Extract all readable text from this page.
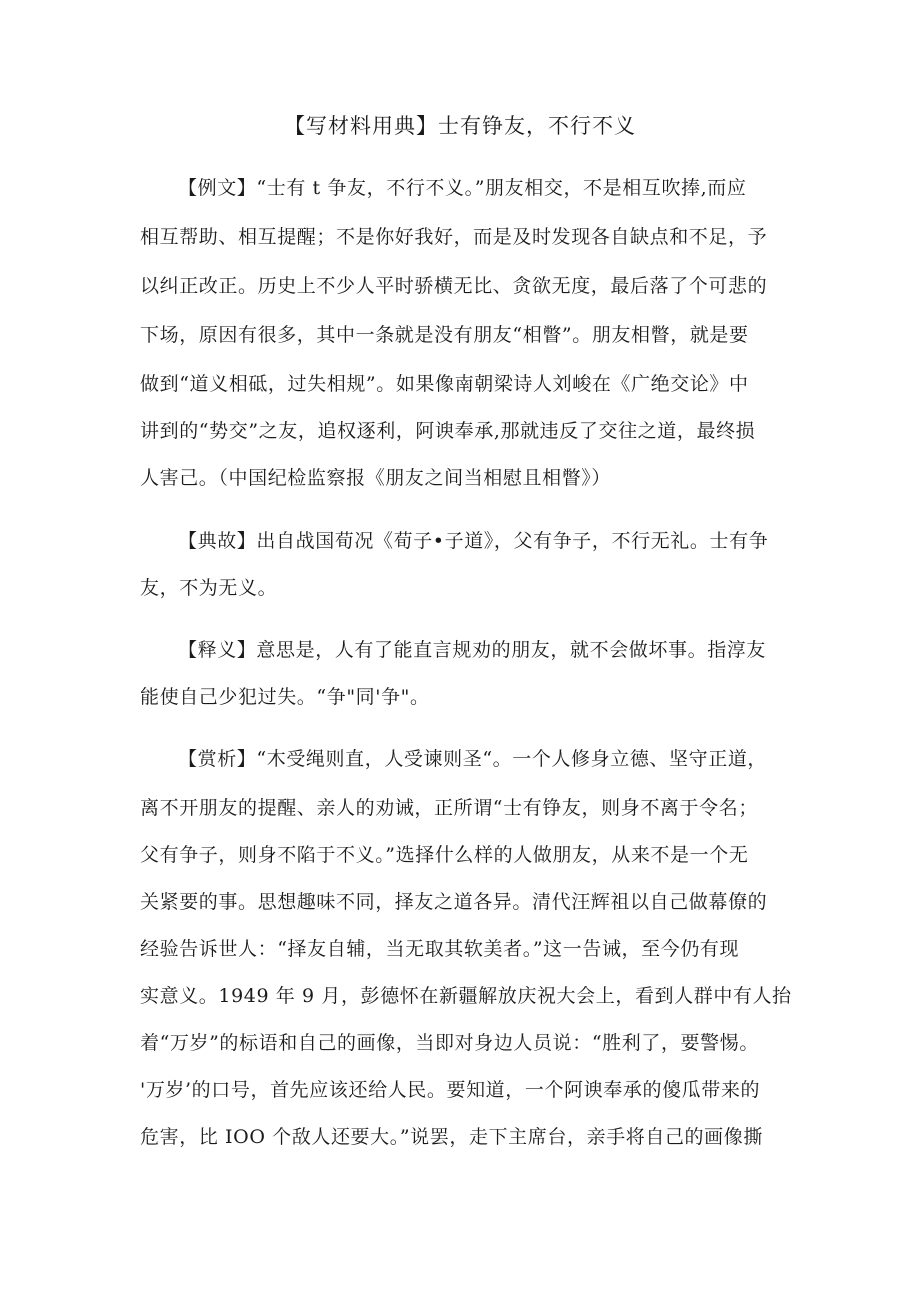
【写材料用典】士有铮友，不行不义
【例文】“士有 t 争友，不行不义。”朋友相交，不是相互吹捧,而应
相互帮助、相互提醒；不是你好我好，而是及时发现各自缺点和不足，予
以纠正改正。历史上不少人平时骄横无比、贪欲无度，最后落了个可悲的
下场，原因有很多，其中一条就是没有朋友“相瞥”。朋友相瞥，就是要
做到“道义相砥，过失相规”。如果像南朝梁诗人刘峻在《广绝交论》中
讲到的“势交”之友，追权逐利，阿谀奉承,那就违反了交往之道，最终损
人害己。（中国纪检监察报《朋友之间当相慰且相瞥》）
【典故】出自战国荀况《荀子•子道》，父有争子，不行无礼。士有争
友，不为无义。
【释义】意思是，人有了能直言规劝的朋友，就不会做坏事。指淳友
能使自己少犯过失。“争"同'争"。
【赏析】“木受绳则直，人受谏则圣“。一个人修身立德、坚守正道，
离不开朋友的提醒、亲人的劝诫，正所谓“士有铮友，则身不离于令名；
父有争子，则身不陷于不义。”选择什么样的人做朋友，从来不是一个无
关紧要的事。思想趣味不同，择友之道各异。清代汪辉祖以自己做幕僚的
经验告诉世人：“择友自辅，当无取其软美者。”这一告诫，至今仍有现
实意义。1949 年 9 月，彭德怀在新疆解放庆祝大会上，看到人群中有人抬
着“万岁”的标语和自己的画像，当即对身边人员说：“胜利了，要警惕。
'万岁’的口号，首先应该还给人民。要知道，一个阿谀奉承的傻瓜带来的
危害，比 IOO 个敌人还要大。”说罢，走下主席台，亲手将自己的画像撕
